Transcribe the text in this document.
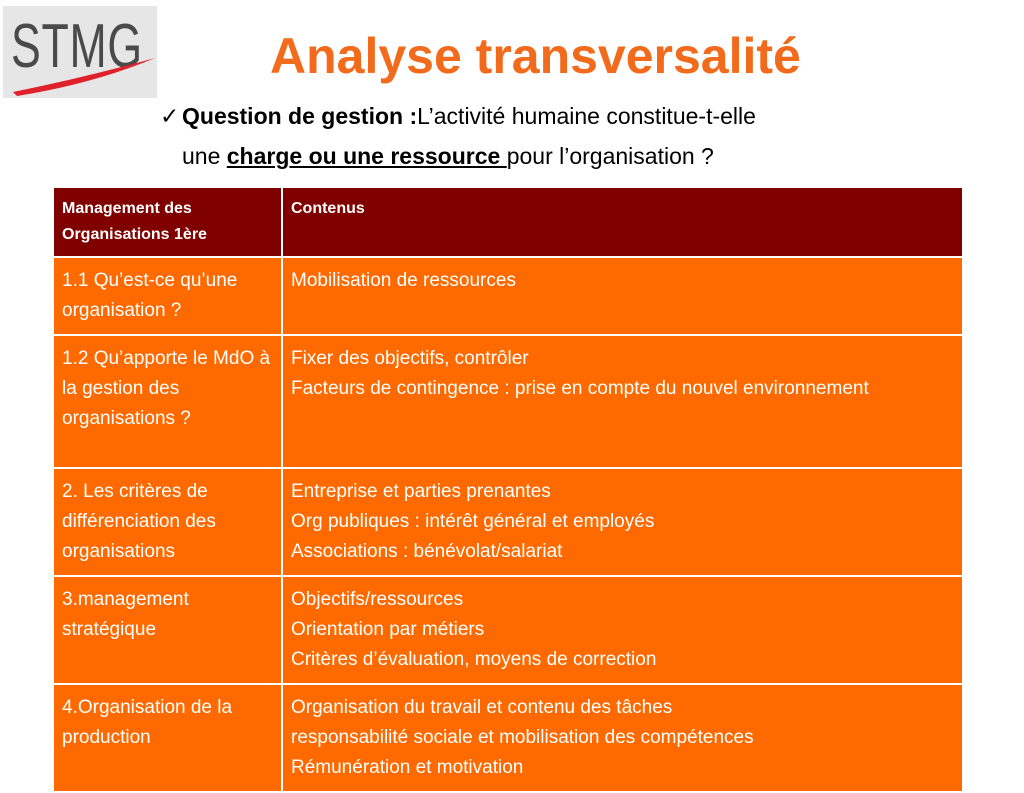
STMG	Analyse transversalité
✓ Question de gestion :L’activité humaine constitue-t-elle
une charge ou une ressource pour l’organisation ?
Management des Organisations 1ère	Contenus
1.1 Qu’est-ce qu’une organisation ?	Mobilisation de ressources

1.2 Qu’apporte le MdO à la gestion des organisations ?	Fixer des objectifs, contrôler
Facteurs de contingence : prise en compte du nouvel environnement

2. Les critères de différenciation des organisations	Entreprise et parties prenantes
Org publiques : intérêt général et employés
Associations : bénévolat/salariat

3.management stratégique	Objectifs/ressources
Orientation par métiers
Critères d’évaluation, moyens de correction

4.Organisation de la production	Organisation du travail et contenu des tâches
responsabilité sociale et mobilisation des compétences
Rémunération et motivation
